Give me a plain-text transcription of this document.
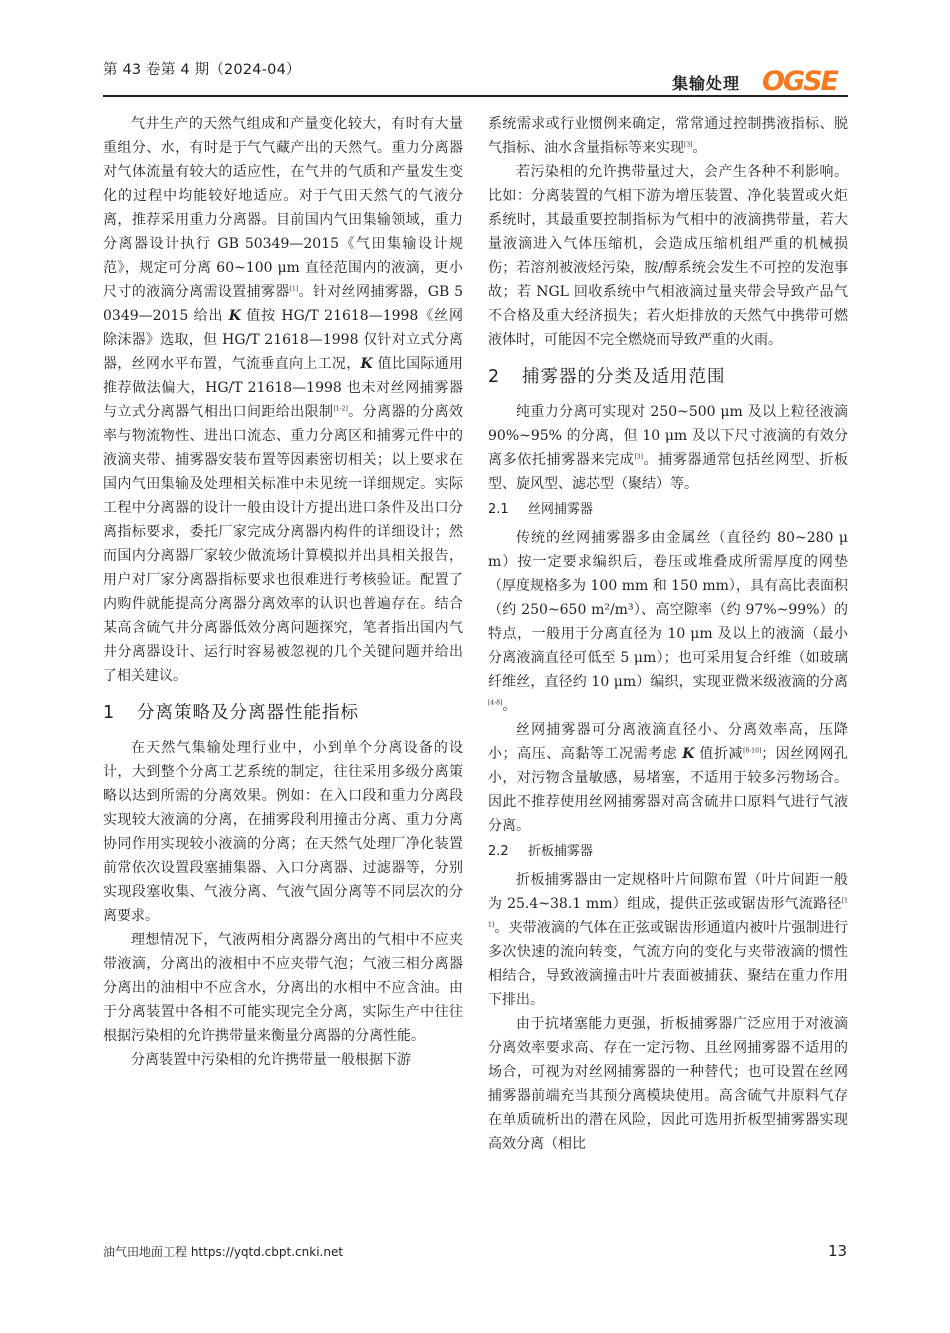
第 43 卷第 4 期（2024-04）
集输处理 OGSE

气井生产的天然气组成和产量变化较大，有时有大量重组分、水，有时是于气气藏产出的天然气。重力分离器对气体流量有较大的适应性，在气井的气质和产量发生变化的过程中均能较好地适应。对于气田天然气的气液分离，推荐采用重力分离器。目前国内气田集输领域，重力分离器设计执行 GB 50349—2015《气田集输设计规范》，规定可分离 60~100 μm 直径范围内的液滴，更小尺寸的液滴分离需设置捕雾器[1]。针对丝网捕雾器，GB 50349—2015 给出 K 值按 HG/T 21618—1998《丝网除沫器》选取，但 HG/T 21618—1998 仅针对立式分离器，丝网水平布置，气流垂直向上工况，K 值比国际通用推荐做法偏大，HG/T 21618—1998 也未对丝网捕雾器与立式分离器气相出口间距给出限制[1-2]。分离器的分离效率与物流物性、进出口流态、重力分离区和捕雾元件中的液滴夹带、捕雾器安装布置等因素密切相关；以上要求在国内气田集输及处理相关标准中未见统一详细规定。实际工程中分离器的设计一般由设计方提出进口条件及出口分离指标要求，委托厂家完成分离器内构件的详细设计；然而国内分离器厂家较少做流场计算模拟并出具相关报告，用户对厂家分离器指标要求也很难进行考核验证。配置了内购件就能提高分离器分离效率的认识也普遍存在。结合某高含硫气井分离器低效分离问题探究，笔者指出国内气井分离器设计、运行时容易被忽视的几个关键问题并给出了相关建议。

1 分离策略及分离器性能指标

在天然气集输处理行业中，小到单个分离设备的设计，大到整个分离工艺系统的制定，往往采用多级分离策略以达到所需的分离效果。例如：在入口段和重力分离段实现较大液滴的分离，在捕雾段利用撞击分离、重力分离协同作用实现较小液滴的分离；在天然气处理厂净化装置前常依次设置段塞捕集器、入口分离器、过滤器等，分别实现段塞收集、气液分离、气液气固分离等不同层次的分离要求。

理想情况下，气液两相分离器分离出的气相中不应夹带液滴，分离出的液相中不应夹带气泡；气液三相分离器分离出的油相中不应含水，分离出的水相中不应含油。由于分离装置中各相不可能实现完全分离，实际生产中往往根据污染相的允许携带量来衡量分离器的分离性能。

分离装置中污染相的允许携带量一般根据下游

系统需求或行业惯例来确定，常常通过控制携液指标、脱气指标、油水含量指标等来实现[3]。

若污染相的允许携带量过大，会产生各种不利影响。比如：分离装置的气相下游为增压装置、净化装置或火炬系统时，其最重要控制指标为气相中的液滴携带量，若大量液滴进入气体压缩机，会造成压缩机组严重的机械损伤；若溶剂被液烃污染，胺/醇系统会发生不可控的发泡事故；若 NGL 回收系统中气相液滴过量夹带会导致产品气不合格及重大经济损失；若火炬排放的天然气中携带可燃液体时，可能因不完全燃烧而导致严重的火雨。

2 捕雾器的分类及适用范围

纯重力分离可实现对 250~500 μm 及以上粒径液滴 90%~95% 的分离，但 10 μm 及以下尺寸液滴的有效分离多依托捕雾器来完成[3]。捕雾器通常包括丝网型、折板型、旋风型、滤芯型（聚结）等。

2.1 丝网捕雾器

传统的丝网捕雾器多由金属丝（直径约 80~280 μm）按一定要求编织后，卷压或堆叠成所需厚度的网垫（厚度规格多为 100 mm 和 150 mm），具有高比表面积（约 250~650 m²/m³）、高空隙率（约 97%~99%）的特点，一般用于分离直径为 10 μm 及以上的液滴（最小分离液滴直径可低至 5 μm）；也可采用复合纤维（如玻璃纤维丝，直径约 10 μm）编织，实现亚微米级液滴的分离[4-8]。

丝网捕雾器可分离液滴直径小、分离效率高，压降小；高压、高黏等工况需考虑 K 值折减[8-10]；因丝网网孔小，对污物含量敏感，易堵塞，不适用于较多污物场合。因此不推荐使用丝网捕雾器对高含硫井口原料气进行气液分离。

2.2 折板捕雾器

折板捕雾器由一定规格叶片间隙布置（叶片间距一般为 25.4~38.1 mm）组成，提供正弦或锯齿形气流路径[11]。夹带液滴的气体在正弦或锯齿形通道内被叶片强制进行多次快速的流向转变，气流方向的变化与夹带液滴的惯性相结合，导致液滴撞击叶片表面被捕获、聚结在重力作用下排出。

由于抗堵塞能力更强，折板捕雾器广泛应用于对液滴分离效率要求高、存在一定污物、且丝网捕雾器不适用的场合，可视为对丝网捕雾器的一种替代；也可设置在丝网捕雾器前端充当其预分离模块使用。高含硫气井原料气存在单质硫析出的潜在风险，因此可选用折板型捕雾器实现高效分离（相比

油气田地面工程 https://yqtd.cbpt.cnki.net	13
